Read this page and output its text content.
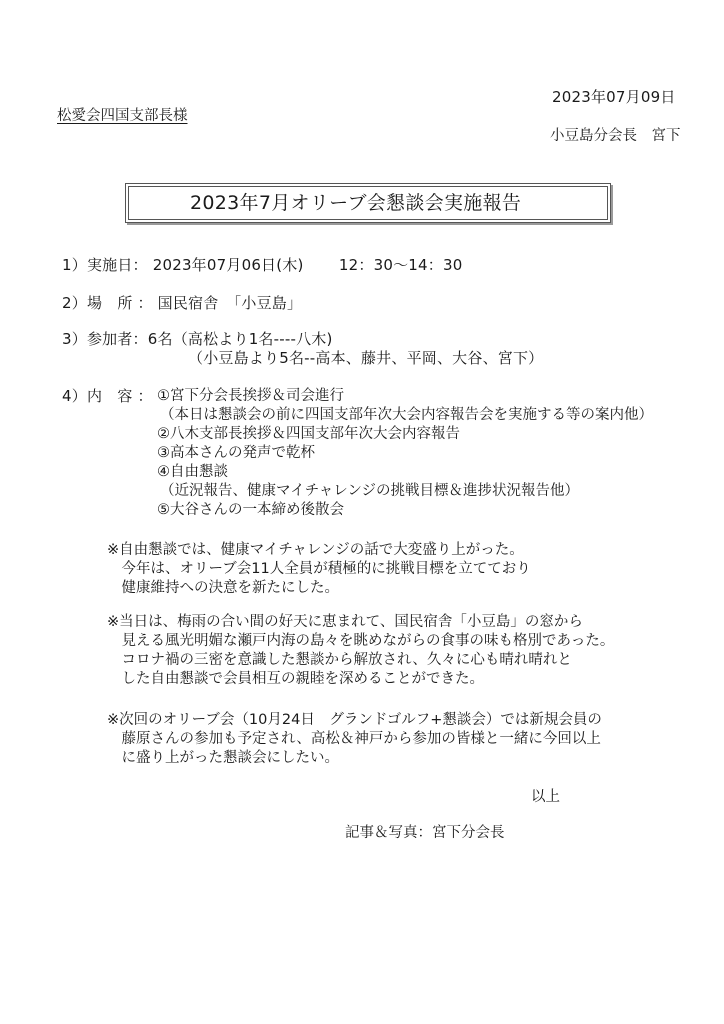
2023年07月09日
松愛会四国支部長様
小豆島分会長　宮下
2023年7月オリーブ会懇談会実施報告
1）実施日： 2023年07月06日(木)　　 12：30～14：30
2）場　所 ： 国民宿舎　「小豆島」
3）参加者：6名（高松より1名----八木)
（小豆島より5名--高本、藤井、平岡、大谷、宮下）
4）内　容 ： ①宮下分会長挨拶＆司会進行
（本日は懇談会の前に四国支部年次大会内容報告会を実施する等の案内他）
②八木支部長挨拶＆四国支部年次大会内容報告
③高本さんの発声で乾杯
④自由懇談
（近況報告、健康マイチャレンジの挑戦目標＆進捗状況報告他）
⑤大谷さんの一本締め後散会
※自由懇談では、健康マイチャレンジの話で大変盛り上がった。
　今年は、オリーブ会11人全員が積極的に挑戦目標を立てており
　健康維持への決意を新たにした。
※当日は、梅雨の合い間の好天に恵まれて、国民宿舎「小豆島」の窓から
　見える風光明媚な瀬戸内海の島々を眺めながらの食事の味も格別であった。
　コロナ禍の三密を意識した懇談から解放され、久々に心も晴れ晴れと
　した自由懇談で会員相互の親睦を深めることができた。
※次回のオリーブ会（10月24日　グランドゴルフ+懇談会）では新規会員の
　藤原さんの参加も予定され、高松＆神戸から参加の皆様と一緒に今回以上
　に盛り上がった懇談会にしたい。
以上
記事＆写真：宮下分会長
